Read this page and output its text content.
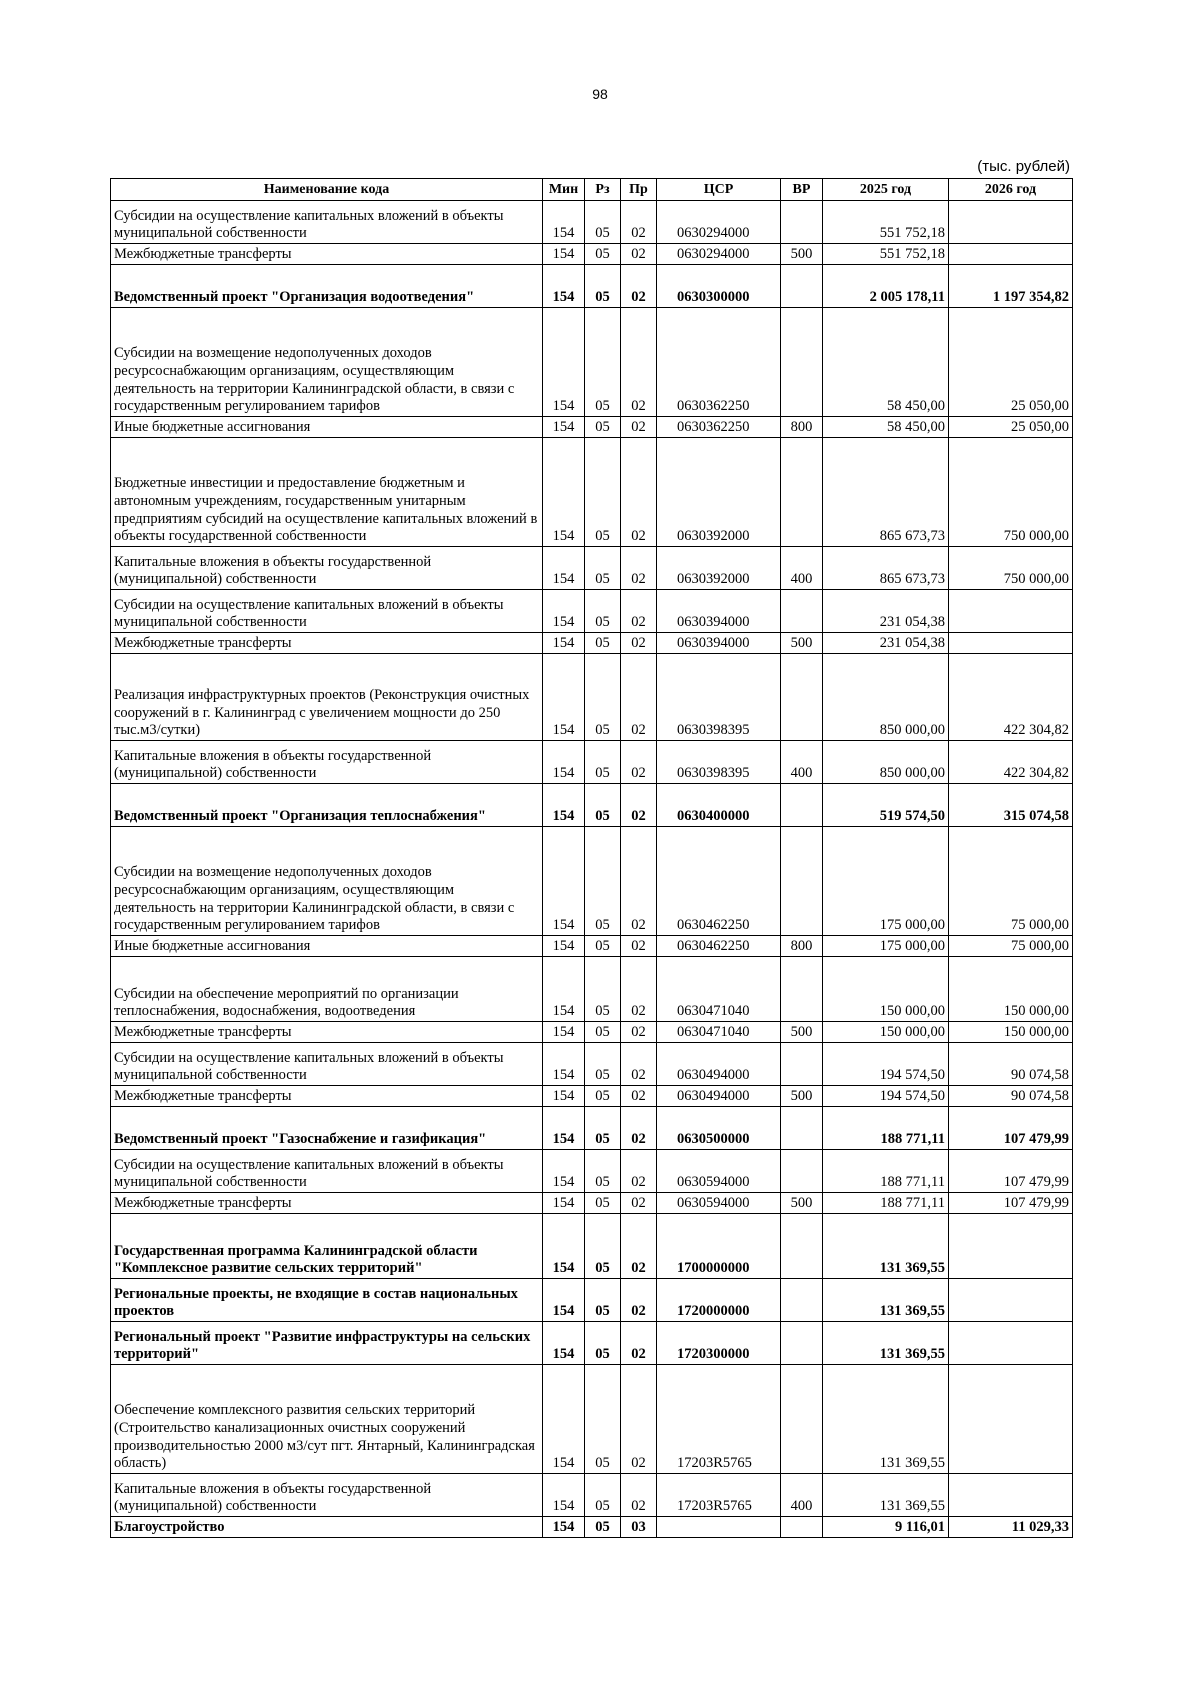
98
(тыс. рублей)
Наименование кода	Мин	Рз	Пр	ЦСР	ВР	2025 год	2026 год
Субсидии на осуществление капитальных вложений в объекты муниципальной собственности	154	05	02	0630294000		551 752,18	
Межбюджетные трансферты	154	05	02	0630294000	500	551 752,18	
Ведомственный проект "Организация водоотведения"	154	05	02	0630300000		2 005 178,11	1 197 354,82
Субсидии на возмещение недополученных доходов ресурсоснабжающим организациям, осуществляющим деятельность на территории Калининградской области, в связи с государственным регулированием тарифов	154	05	02	0630362250		58 450,00	25 050,00
Иные бюджетные ассигнования	154	05	02	0630362250	800	58 450,00	25 050,00
Бюджетные инвестиции и предоставление бюджетным и автономным учреждениям, государственным унитарным предприятиям субсидий на осуществление капитальных вложений в объекты государственной собственности	154	05	02	0630392000		865 673,73	750 000,00
Капитальные вложения в объекты государственной (муниципальной) собственности	154	05	02	0630392000	400	865 673,73	750 000,00
Субсидии на осуществление капитальных вложений в объекты муниципальной собственности	154	05	02	0630394000		231 054,38	
Межбюджетные трансферты	154	05	02	0630394000	500	231 054,38	
Реализация инфраструктурных проектов (Реконструкция очистных сооружений в г. Калининград с увеличением мощности до 250 тыс.м3/сутки)	154	05	02	0630398395		850 000,00	422 304,82
Капитальные вложения в объекты государственной (муниципальной) собственности	154	05	02	0630398395	400	850 000,00	422 304,82
Ведомственный проект "Организация теплоснабжения"	154	05	02	0630400000		519 574,50	315 074,58
Субсидии на возмещение недополученных доходов ресурсоснабжающим организациям, осуществляющим деятельность на территории Калининградской области, в связи с государственным регулированием тарифов	154	05	02	0630462250		175 000,00	75 000,00
Иные бюджетные ассигнования	154	05	02	0630462250	800	175 000,00	75 000,00
Субсидии на обеспечение мероприятий по организации теплоснабжения, водоснабжения, водоотведения	154	05	02	0630471040		150 000,00	150 000,00
Межбюджетные трансферты	154	05	02	0630471040	500	150 000,00	150 000,00
Субсидии на осуществление капитальных вложений в объекты муниципальной собственности	154	05	02	0630494000		194 574,50	90 074,58
Межбюджетные трансферты	154	05	02	0630494000	500	194 574,50	90 074,58
Ведомственный проект "Газоснабжение и газификация"	154	05	02	0630500000		188 771,11	107 479,99
Субсидии на осуществление капитальных вложений в объекты муниципальной собственности	154	05	02	0630594000		188 771,11	107 479,99
Межбюджетные трансферты	154	05	02	0630594000	500	188 771,11	107 479,99
Государственная программа Калининградской области "Комплексное развитие сельских территорий"	154	05	02	1700000000		131 369,55	
Региональные проекты, не входящие в состав национальных проектов	154	05	02	1720000000		131 369,55	
Региональный проект "Развитие инфраструктуры на сельских территорий"	154	05	02	1720300000		131 369,55	
Обеспечение комплексного развития сельских территорий (Строительство канализационных очистных сооружений производительностью 2000 м3/сут пгт. Янтарный, Калининградская область)	154	05	02	17203R5765		131 369,55	
Капитальные вложения в объекты государственной (муниципальной) собственности	154	05	02	17203R5765	400	131 369,55	
Благоустройство	154	05	03			9 116,01	11 029,33
